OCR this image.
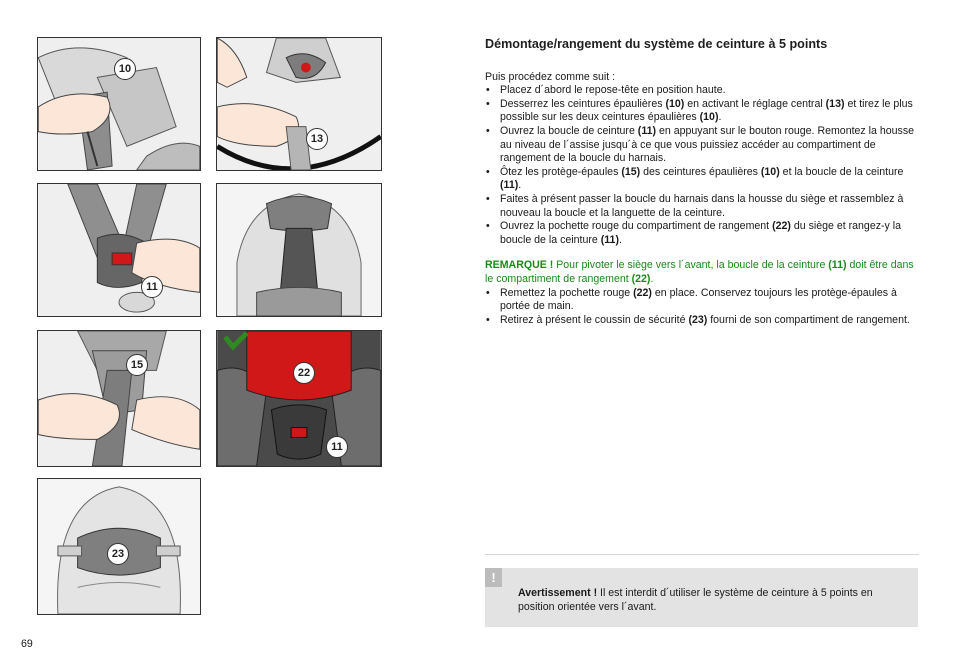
10
13
11
15
22
11
23
Démontage/rangement du système de ceinture à 5 points

Puis procédez comme suit :

• Placez d´abord le repose-tête en position haute.
• Desserrez les ceintures épaulières (10) en activant le réglage central (13) et tirez le plus possible sur les deux ceintures épaulières (10).
• Ouvrez la boucle de ceinture (11) en appuyant sur le bouton rouge. Remontez la housse au niveau de l´assise jusqu´à ce que vous puissiez accéder au compartiment de rangement de la boucle du harnais.
• Ôtez les protège-épaules (15) des ceintures épaulières (10) et la boucle de la ceinture (11).
• Faites à présent passer la boucle du harnais dans la housse du siège et rassemblez à nouveau la boucle et la languette de la ceinture.
• Ouvrez la pochette rouge du compartiment de rangement (22) du siège et rangez-y la boucle de la ceinture (11).
REMARQUE ! Pour pivoter le siège vers l´avant, la boucle de la ceinture (11) doit être dans le compartiment de rangement (22).
• Remettez la pochette rouge (22) en place. Conservez toujours les protège-épaules à portée de main.
• Retirez à présent le coussin de sécurité (23) fourni de son compartiment de rangement.
!
Avertissement ! Il est interdit d´utiliser le système de ceinture à 5 points en position orientée vers l´avant.
69
